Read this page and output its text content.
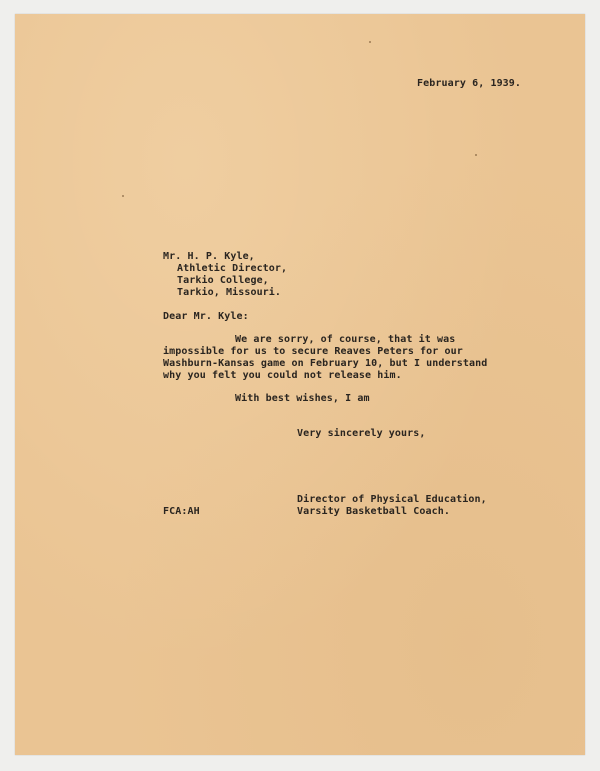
February 6, 1939.
Mr. H. P. Kyle,
Athletic Director,
Tarkio College,
Tarkio, Missouri.
Dear Mr. Kyle:
We are sorry, of course, that it was
impossible for us to secure Reaves Peters for our
Washburn-Kansas game on February 10, but I understand
why you felt you could not release him.
With best wishes, I am
Very sincerely yours,
FCA:AH
Director of Physical Education,
Varsity Basketball Coach.
